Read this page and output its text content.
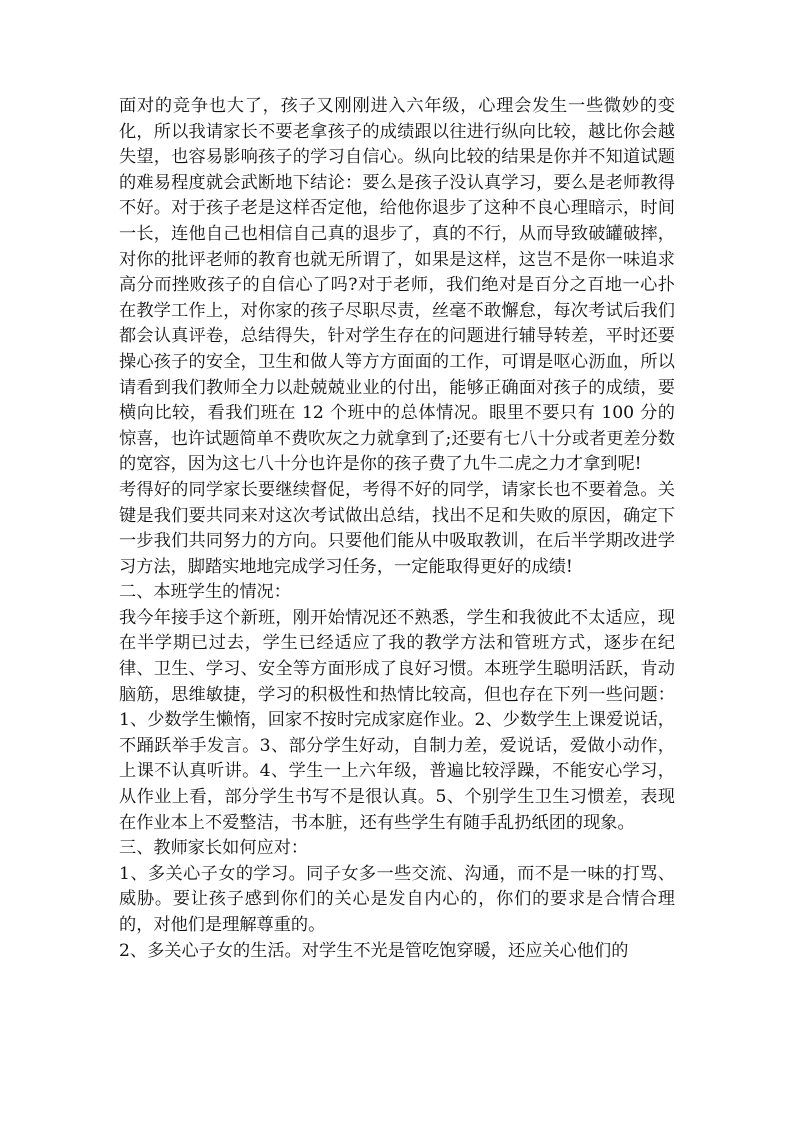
面对的竞争也大了，孩子又刚刚进入六年级，心理会发生一些微妙的变化，所以我请家长不要老拿孩子的成绩跟以往进行纵向比较，越比你会越失望，也容易影响孩子的学习自信心。纵向比较的结果是你并不知道试题的难易程度就会武断地下结论：要么是孩子没认真学习，要么是老师教得不好。对于孩子老是这样否定他，给他你退步了这种不良心理暗示，时间一长，连他自己也相信自己真的退步了，真的不行，从而导致破罐破摔，对你的批评老师的教育也就无所谓了，如果是这样，这岂不是你一味追求高分而挫败孩子的自信心了吗?对于老师，我们绝对是百分之百地一心扑在教学工作上，对你家的孩子尽职尽责，丝毫不敢懈怠，每次考试后我们都会认真评卷，总结得失，针对学生存在的问题进行辅导转差，平时还要操心孩子的安全，卫生和做人等方方面面的工作，可谓是呕心沥血，所以请看到我们教师全力以赴兢兢业业的付出，能够正确面对孩子的成绩，要横向比较，看我们班在 12 个班中的总体情况。眼里不要只有 100 分的惊喜，也许试题简单不费吹灰之力就拿到了;还要有七八十分或者更差分数的宽容，因为这七八十分也许是你的孩子费了九牛二虎之力才拿到呢!

考得好的同学家长要继续督促，考得不好的同学，请家长也不要着急。关键是我们要共同来对这次考试做出总结，找出不足和失败的原因，确定下一步我们共同努力的方向。只要他们能从中吸取教训，在后半学期改进学习方法，脚踏实地地完成学习任务，一定能取得更好的成绩!

二、本班学生的情况：

我今年接手这个新班，刚开始情况还不熟悉，学生和我彼此不太适应，现在半学期已过去，学生已经适应了我的教学方法和管班方式，逐步在纪律、卫生、学习、安全等方面形成了良好习惯。本班学生聪明活跃，肯动脑筋，思维敏捷，学习的积极性和热情比较高，但也存在下列一些问题：1、少数学生懒惰，回家不按时完成家庭作业。2、少数学生上课爱说话，不踊跃举手发言。3、部分学生好动，自制力差，爱说话，爱做小动作，上课不认真听讲。4、学生一上六年级，普遍比较浮躁，不能安心学习，从作业上看，部分学生书写不是很认真。5、个别学生卫生习惯差，表现在作业本上不爱整洁，书本脏，还有些学生有随手乱扔纸团的现象。

三、教师家长如何应对：

1、多关心子女的学习。同子女多一些交流、沟通，而不是一味的打骂、威胁。要让孩子感到你们的关心是发自内心的，你们的要求是合情合理的，对他们是理解尊重的。

2、多关心子女的生活。对学生不光是管吃饱穿暖，还应关心他们的
